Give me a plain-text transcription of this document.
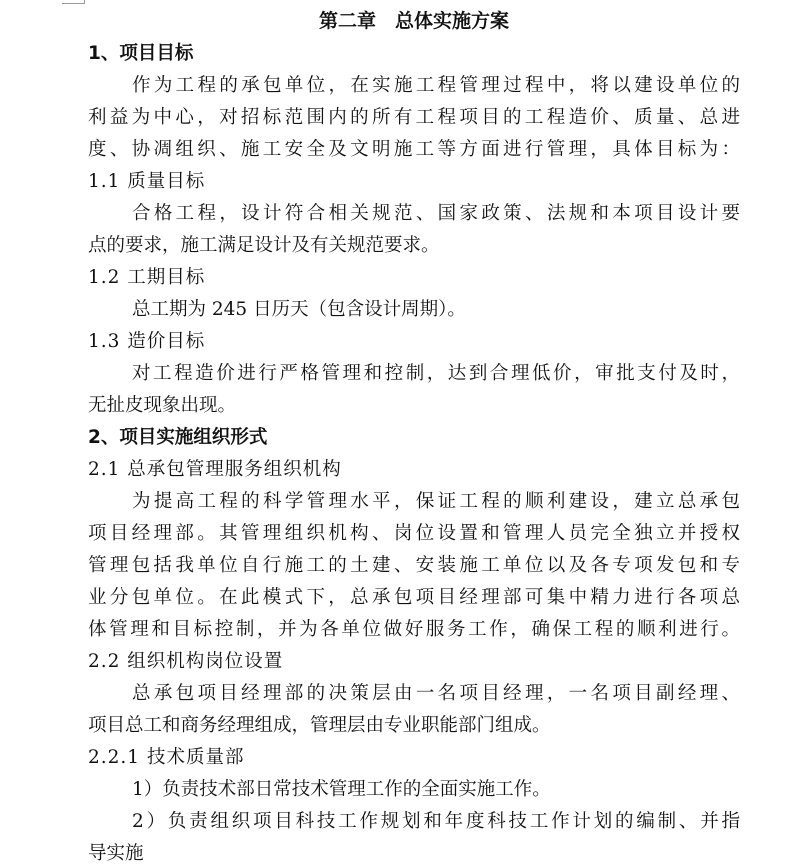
第二章　总体实施方案
1、项目目标
作为工程的承包单位，在实施工程管理过程中，将以建设单位的
利益为中心，对招标范围内的所有工程项目的工程造价、质量、总进
度、协凋组织、施工安全及文明施工等方面进行管理，具体目标为：
1.1 质量目标
合格工程，设计符合相关规范、国家政策、法规和本项目设计要
点的要求，施工满足设计及有关规范要求。
1.2 工期目标
总工期为 245 日历天（包含设计周期）。
1.3 造价目标
对工程造价进行严格管理和控制，达到合理低价，审批支付及时，
无扯皮现象出现。
2、项目实施组织形式
2.1 总承包管理服务组织机构
为提高工程的科学管理水平，保证工程的顺利建设，建立总承包
项目经理部。其管理组织机构、岗位设置和管理人员完全独立并授权
管理包括我单位自行施工的土建、安装施工单位以及各专项发包和专
业分包单位。在此模式下，总承包项目经理部可集中精力进行各项总
体管理和目标控制，并为各单位做好服务工作，确保工程的顺利进行。
2.2 组织机构岗位设置
总承包项目经理部的决策层由一名项目经理，一名项目副经理、
项目总工和商务经理组成，管理层由专业职能部门组成。
2.2.1 技术质量部
1）负责技术部日常技术管理工作的全面实施工作。
2）负责组织项目科技工作规划和年度科技工作计划的编制、并指
导实施
